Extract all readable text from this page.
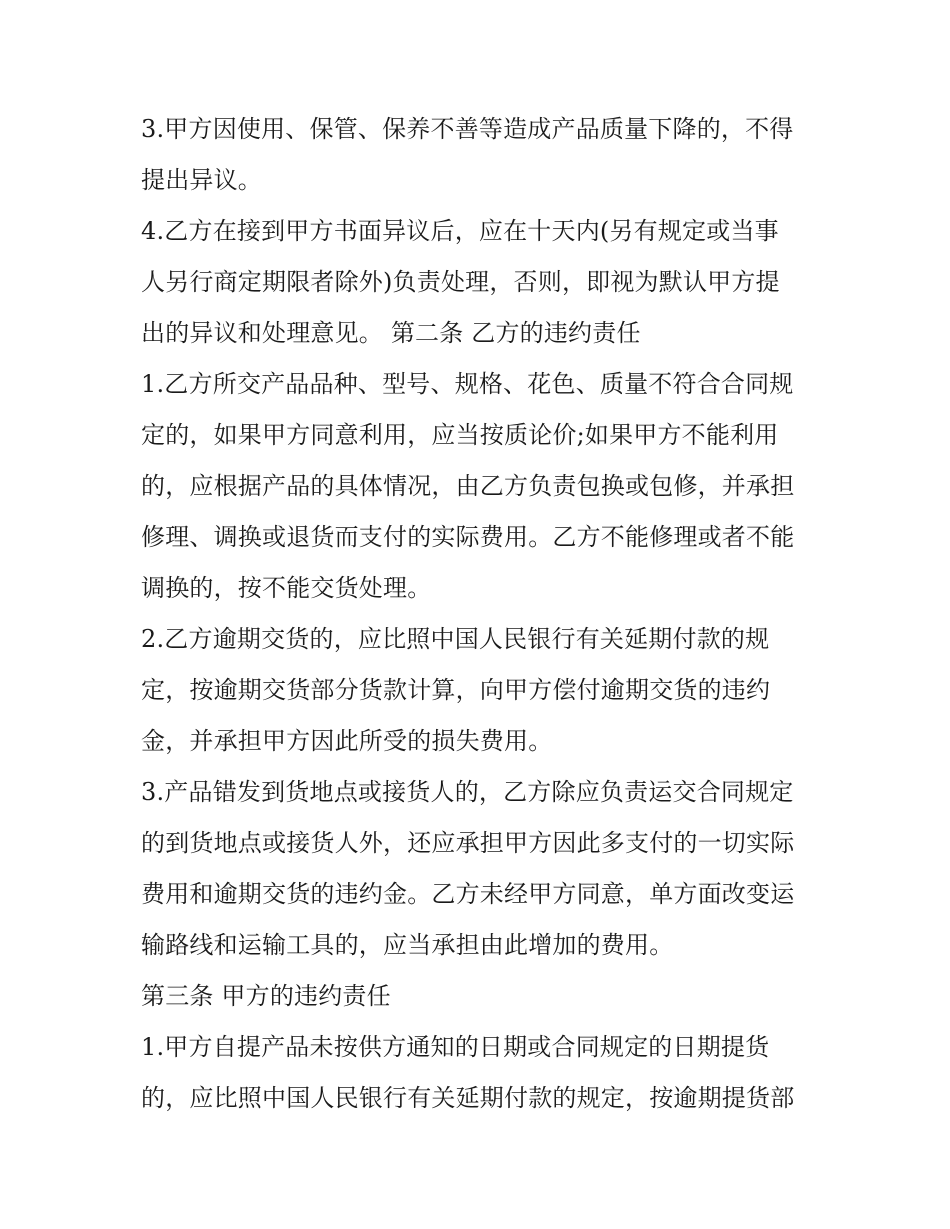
3.甲方因使用、保管、保养不善等造成产品质量下降的，不得
提出异议。
4.乙方在接到甲方书面异议后，应在十天内(另有规定或当事
人另行商定期限者除外)负责处理，否则，即视为默认甲方提
出的异议和处理意见。 第二条 乙方的违约责任
1.乙方所交产品品种、型号、规格、花色、质量不符合合同规
定的，如果甲方同意利用，应当按质论价;如果甲方不能利用
的，应根据产品的具体情况，由乙方负责包换或包修，并承担
修理、调换或退货而支付的实际费用。乙方不能修理或者不能
调换的，按不能交货处理。
2.乙方逾期交货的，应比照中国人民银行有关延期付款的规
定，按逾期交货部分货款计算，向甲方偿付逾期交货的违约
金，并承担甲方因此所受的损失费用。
3.产品错发到货地点或接货人的，乙方除应负责运交合同规定
的到货地点或接货人外，还应承担甲方因此多支付的一切实际
费用和逾期交货的违约金。乙方未经甲方同意，单方面改变运
输路线和运输工具的，应当承担由此增加的费用。
第三条 甲方的违约责任
1.甲方自提产品未按供方通知的日期或合同规定的日期提货
的，应比照中国人民银行有关延期付款的规定，按逾期提货部
